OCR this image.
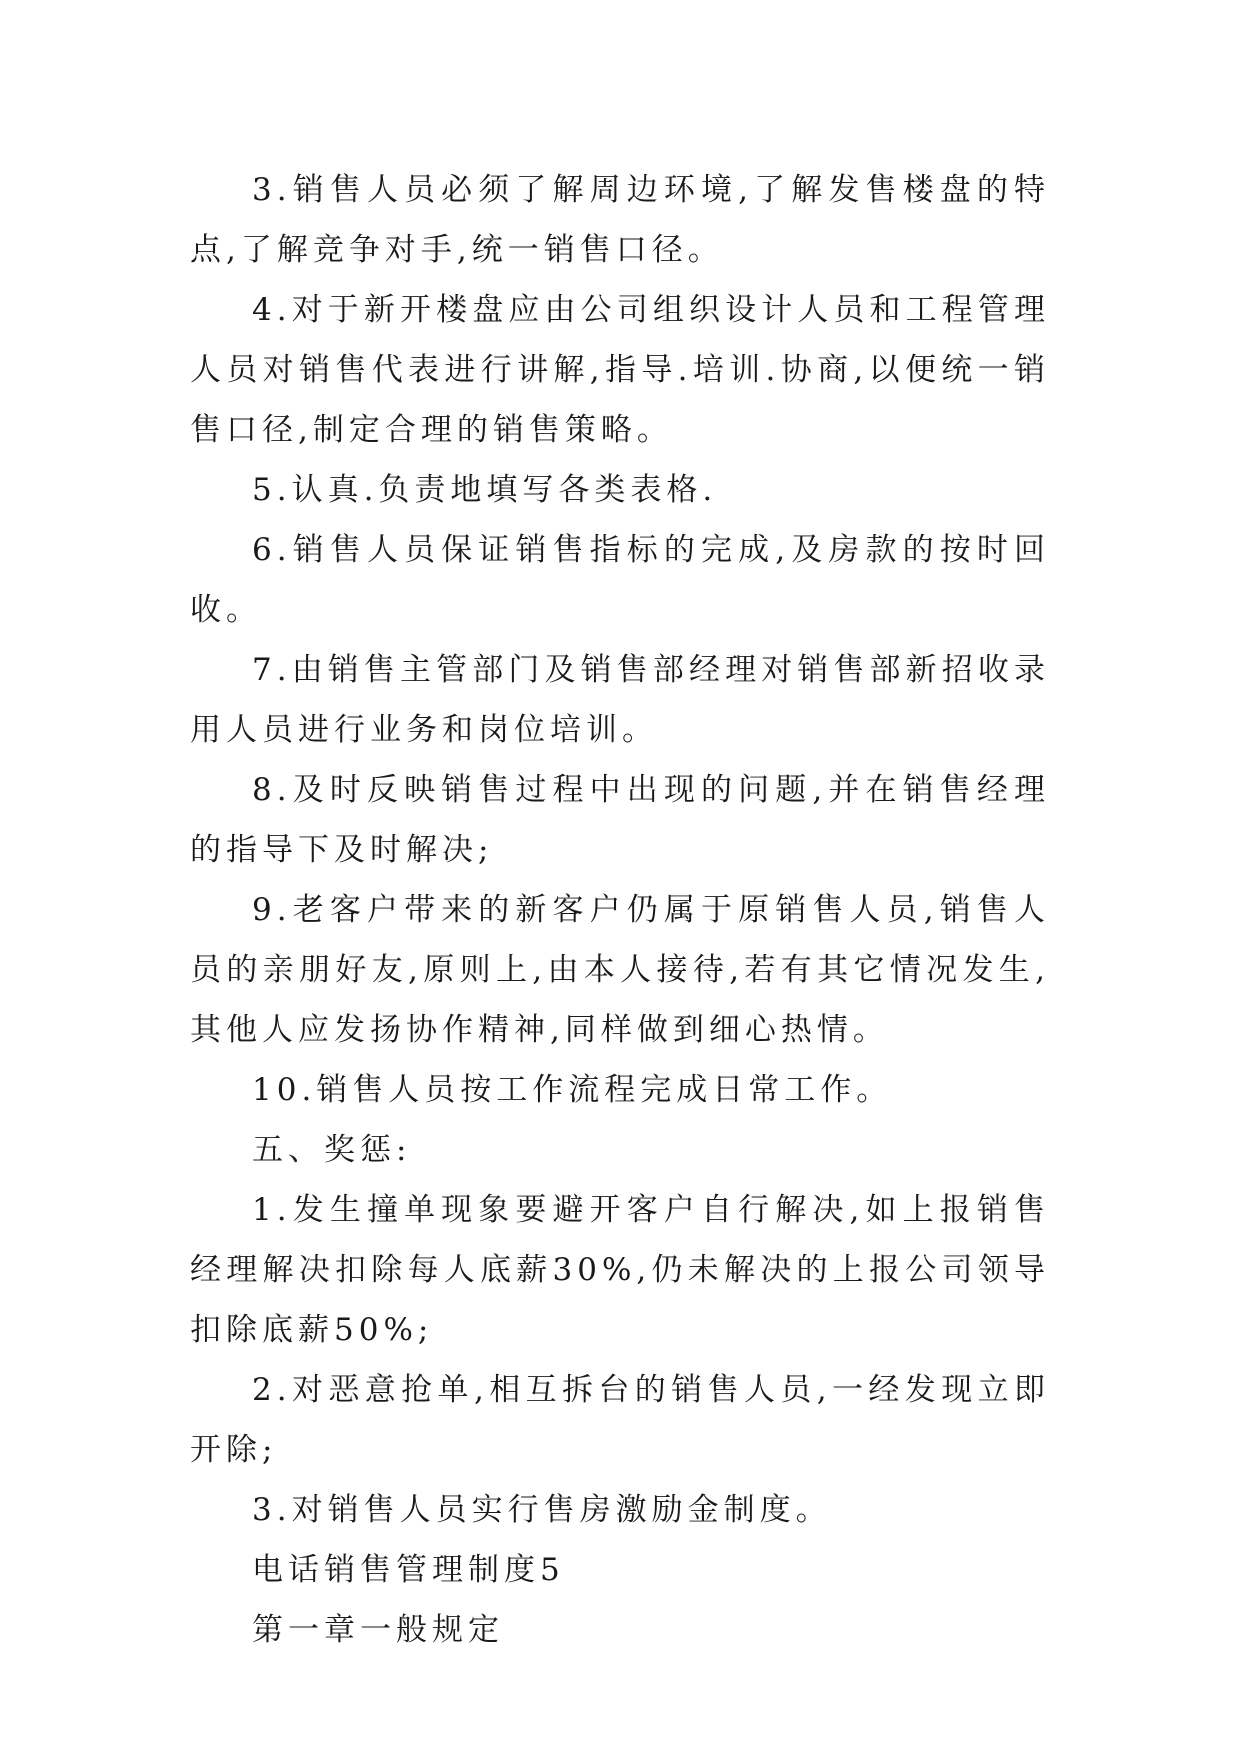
3.销售人员必须了解周边环境,了解发售楼盘的特点,了解竞争对手,统一销售口径。

4.对于新开楼盘应由公司组织设计人员和工程管理人员对销售代表进行讲解,指导.培训.协商,以便统一销售口径,制定合理的销售策略。

5.认真.负责地填写各类表格.

6.销售人员保证销售指标的完成,及房款的按时回收。

7.由销售主管部门及销售部经理对销售部新招收录用人员进行业务和岗位培训。

8.及时反映销售过程中出现的问题,并在销售经理的指导下及时解决;

9.老客户带来的新客户仍属于原销售人员,销售人员的亲朋好友,原则上,由本人接待,若有其它情况发生,其他人应发扬协作精神,同样做到细心热情。

10.销售人员按工作流程完成日常工作。

五、奖惩:

1.发生撞单现象要避开客户自行解决,如上报销售经理解决扣除每人底薪30%,仍未解决的上报公司领导扣除底薪50%;

2.对恶意抢单,相互拆台的销售人员,一经发现立即开除;

3.对销售人员实行售房激励金制度。

电话销售管理制度5

第一章一般规定
